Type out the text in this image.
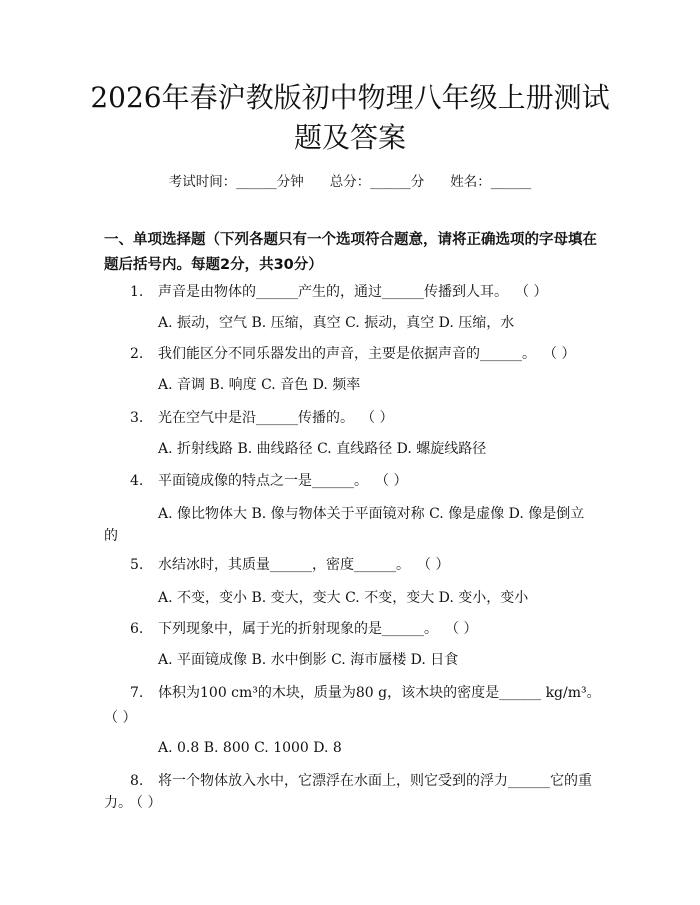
2026年春沪教版初中物理八年级上册测试题及答案
考试时间：______分钟 总分：______分 姓名：______
一、单项选择题（下列各题只有一个选项符合题意，请将正确选项的字母填在题后括号内。每题2分，共30分）
1. 声音是由物体的______产生的，通过______传播到人耳。 （ ）
A. 振动，空气 B. 压缩，真空 C. 振动，真空 D. 压缩，水
2. 我们能区分不同乐器发出的声音，主要是依据声音的______。 （ ）
A. 音调 B. 响度 C. 音色 D. 频率
3. 光在空气中是沿______传播的。 （ ）
A. 折射线路 B. 曲线路径 C. 直线路径 D. 螺旋线路径
4. 平面镜成像的特点之一是______。 （ ）
A. 像比物体大 B. 像与物体关于平面镜对称 C. 像是虚像 D. 像是倒立
的
5. 水结冰时，其质量______，密度______。 （ ）
A. 不变，变小 B. 变大，变大 C. 不变，变大 D. 变小，变小
6. 下列现象中，属于光的折射现象的是______。 （ ）
A. 平面镜成像 B. 水中倒影 C. 海市蜃楼 D. 日食
7. 体积为100 cm³的木块，质量为80 g，该木块的密度是______ kg/m³。
（ ）
A. 0.8 B. 800 C. 1000 D. 8
8. 将一个物体放入水中，它漂浮在水面上，则它受到的浮力______它的重
力。 （ ）
